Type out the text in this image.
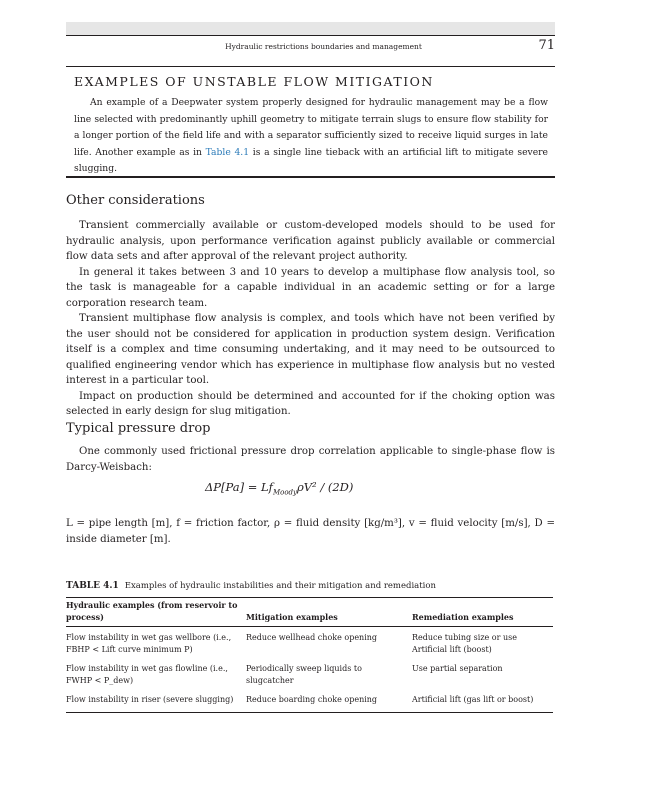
Hydraulic restrictions boundaries and management	71
EXAMPLES OF UNSTABLE FLOW MITIGATION
An example of a Deepwater system properly designed for hydraulic management may be a flow line selected with predominantly uphill geometry to mitigate terrain slugs to ensure flow stability for a longer portion of the field life and with a separator sufficiently sized to receive liquid surges in late life. Another example as in Table 4.1 is a single line tieback with an artificial lift to mitigate severe slugging.
Other considerations

Transient commercially available or custom-developed models should to be used for hydraulic analysis, upon performance verification against publicly available or commercial flow data sets and after approval of the relevant project authority.

In general it takes between 3 and 10 years to develop a multiphase flow analysis tool, so the task is manageable for a capable individual in an academic setting or for a large corporation research team.

Transient multiphase flow analysis is complex, and tools which have not been verified by the user should not be considered for application in production system design. Verification itself is a complex and time consuming undertaking, and it may need to be outsourced to qualified engineering vendor which has experience in multiphase flow analysis but no vested interest in a particular tool.

Impact on production should be determined and accounted for if the choking option was selected in early design for slug mitigation.

Typical pressure drop

One commonly used frictional pressure drop correlation applicable to single-phase flow is Darcy-Weisbach:

$\Delta P[Pa] = Lf_{Moody}\rho V^2 / (2D)$
L = pipe length [m], f = friction factor, ρ = fluid density [kg/m³], v = fluid velocity [m/s], D = inside diameter [m].
TABLE 4.1 Examples of hydraulic instabilities and their mitigation and remediation
Hydraulic examples (from reservoir to process)	Mitigation examples	Remediation examples
Flow instability in wet gas wellbore (i.e., FBHP < Lift curve minimum P)	Reduce wellhead choke opening	Reduce tubing size or use Artificial lift (boost)
Flow instability in wet gas flowline (i.e., FWHP < P_dew)	Periodically sweep liquids to slugcatcher	Use partial separation
Flow instability in riser (severe slugging)	Reduce boarding choke opening	Artificial lift (gas lift or boost)
